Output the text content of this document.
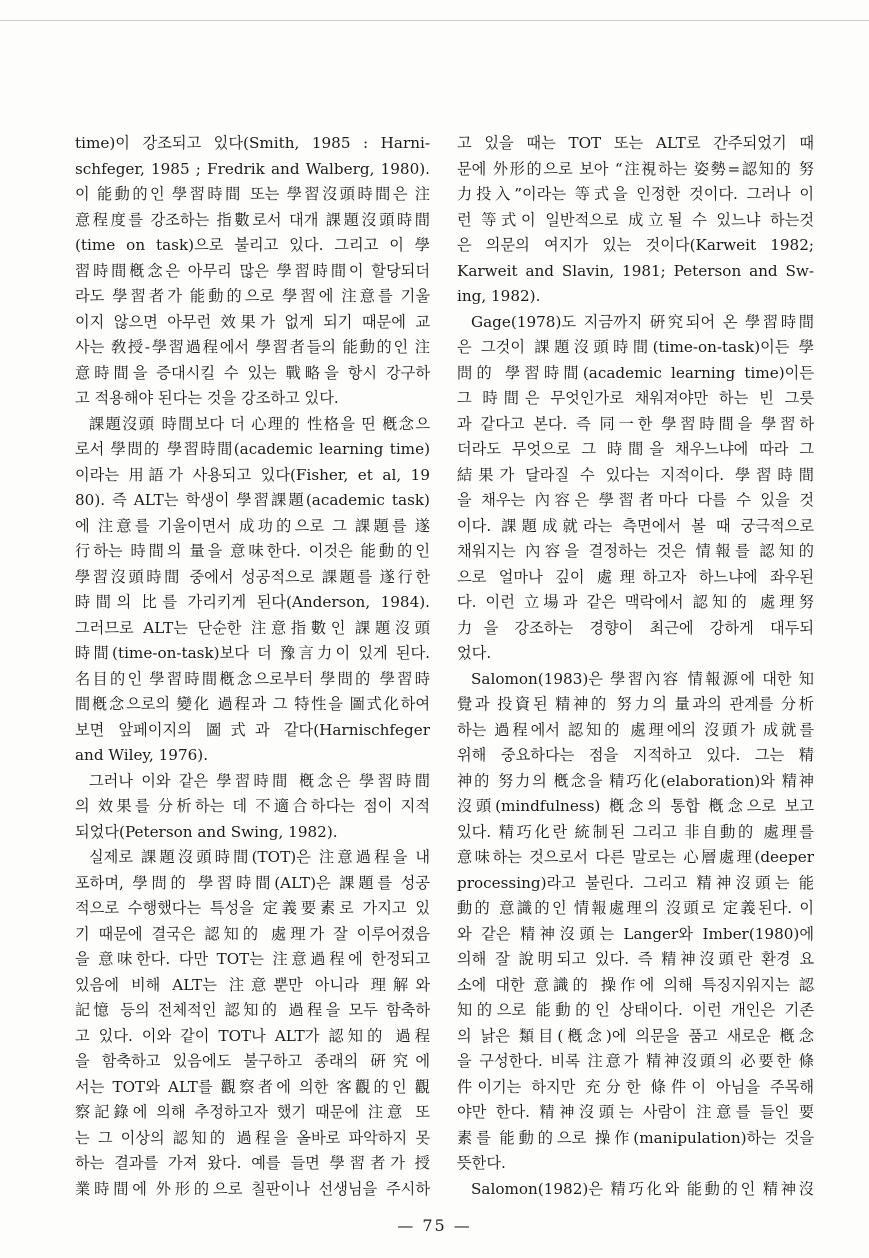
time)이 강조되고 있다(Smith, 1985 : Harni-
schfeger, 1985 ; Fredrik and Walberg, 1980).
이 能動的인 學習時間 또는 學習沒頭時間은 注
意程度를 강조하는 指數로서 대개 課題沒頭時間
(time on task)으로 불리고 있다. 그리고 이 學
習時間槪念은 아무리 많은 學習時間이 할당되더
라도 學習者가 能動的으로 學習에 注意를 기울
이지 않으면 아무런 效果가 없게 되기 때문에 교
사는 敎授-學習過程에서 學習者들의 能動的인 注
意時間을 증대시킬 수 있는 戰略을 항시 강구하
고 적용해야 된다는 것을 강조하고 있다.
課題沒頭 時間보다 더 心理的 性格을 띤 槪念으
로서 學問的 學習時間(academic learning time)
이라는 用語가 사용되고 있다(Fisher, et al, 19
80). 즉 ALT는 학생이 學習課題(academic task)
에 注意를 기울이면서 成功的으로 그 課題를 遂
行하는 時間의 量을 意味한다. 이것은 能動的인
學習沒頭時間 중에서 성공적으로 課題를 遂行한
時間의 比를 가리키게 된다(Anderson, 1984).
그러므로 ALT는 단순한 注意指數인 課題沒頭
時間(time-on-task)보다 더 豫言力이 있게 된다.
名目的인 學習時間槪念으로부터 學問的 學習時
間槪念으로의 變化 過程과 그 特性을 圖式化하여
보면 앞페이지의 圖式과 같다(Harnischfeger
and Wiley, 1976).
그러나 이와 같은 學習時間 槪念은 學習時間
의 效果를 分析하는 데 不適合하다는 점이 지적
되었다(Peterson and Swing, 1982).
실제로 課題沒頭時間(TOT)은 注意過程을 내
포하며, 學問的 學習時間(ALT)은 課題를 성공
적으로 수행했다는 특성을 定義要素로 가지고 있
기 때문에 결국은 認知的 處理가 잘 이루어졌음
을 意味한다. 다만 TOT는 注意過程에 한정되고
있음에 비해 ALT는 注意뿐만 아니라 理解와
記憶 등의 전체적인 認知的 過程을 모두 함축하
고 있다. 이와 같이 TOT나 ALT가 認知的 過程
을 함축하고 있음에도 불구하고 종래의 硏究에
서는 TOT와 ALT를 觀察者에 의한 客觀的인 觀
察記錄에 의해 추정하고자 했기 때문에 注意 또
는 그 이상의 認知的 過程을 올바로 파악하지 못
하는 결과를 가져 왔다. 예를 들면 學習者가 授
業時間에 外形的으로 칠판이나 선생님을 주시하
고 있을 때는 TOT 또는 ALT로 간주되었기 때
문에 外形的으로 보아 “注視하는 姿勢=認知的 努
力投入”이라는 等式을 인정한 것이다. 그러나 이
런 等式이 일반적으로 成立될 수 있느냐 하는것
은 의문의 여지가 있는 것이다(Karweit 1982;
Karweit and Slavin, 1981; Peterson and Sw-
ing, 1982).
Gage(1978)도 지금까지 硏究되어 온 學習時間
은 그것이 課題沒頭時間(time-on-task)이든 學
問的 學習時間(academic learning time)이든
그 時間은 무엇인가로 채워져야만 하는 빈 그릇
과 같다고 본다. 즉 同一한 學習時間을 學習하
더라도 무엇으로 그 時間을 채우느냐에 따라 그
結果가 달라질 수 있다는 지적이다. 學習時間
을 채우는 內容은 學習者마다 다를 수 있을 것
이다. 課題成就라는 측면에서 볼 때 궁극적으로
채워지는 內容을 결정하는 것은 情報를 認知的
으로 얼마나 깊이 處理하고자 하느냐에 좌우된
다. 이런 立場과 같은 맥락에서 認知的 處理努
力을 강조하는 경향이 최근에 강하게 대두되
었다.
Salomon(1983)은 學習內容 情報源에 대한 知
覺과 投資된 精神的 努力의 量과의 관계를 分析
하는 過程에서 認知的 處理에의 沒頭가 成就를
위해 중요하다는 점을 지적하고 있다. 그는 精
神的 努力의 槪念을 精巧化(elaboration)와 精神
沒頭(mindfulness) 槪念의 통합 槪念으로 보고
있다. 精巧化란 統制된 그리고 非自動的 處理를
意味하는 것으로서 다른 말로는 心層處理(deeper
processing)라고 불린다. 그리고 精神沒頭는 能
動的 意識的인 情報處理의 沒頭로 定義된다. 이
와 같은 精神沒頭는 Langer와 Imber(1980)에
의해 잘 說明되고 있다. 즉 精神沒頭란 환경 요
소에 대한 意識的 操作에 의해 특징지워지는 認
知的으로 能動的인 상태이다. 이런 개인은 기존
의 낡은 類目(槪念)에 의문을 품고 새로운 槪念
을 구성한다. 비록 注意가 精神沒頭의 必要한 條
件이기는 하지만 充分한 條件이 아님을 주목해
야만 한다. 精神沒頭는 사람이 注意를 들인 要
素를 能動的으로 操作(manipulation)하는 것을
뜻한다.
Salomon(1982)은 精巧化와 能動的인 精神沒
— 75 —
